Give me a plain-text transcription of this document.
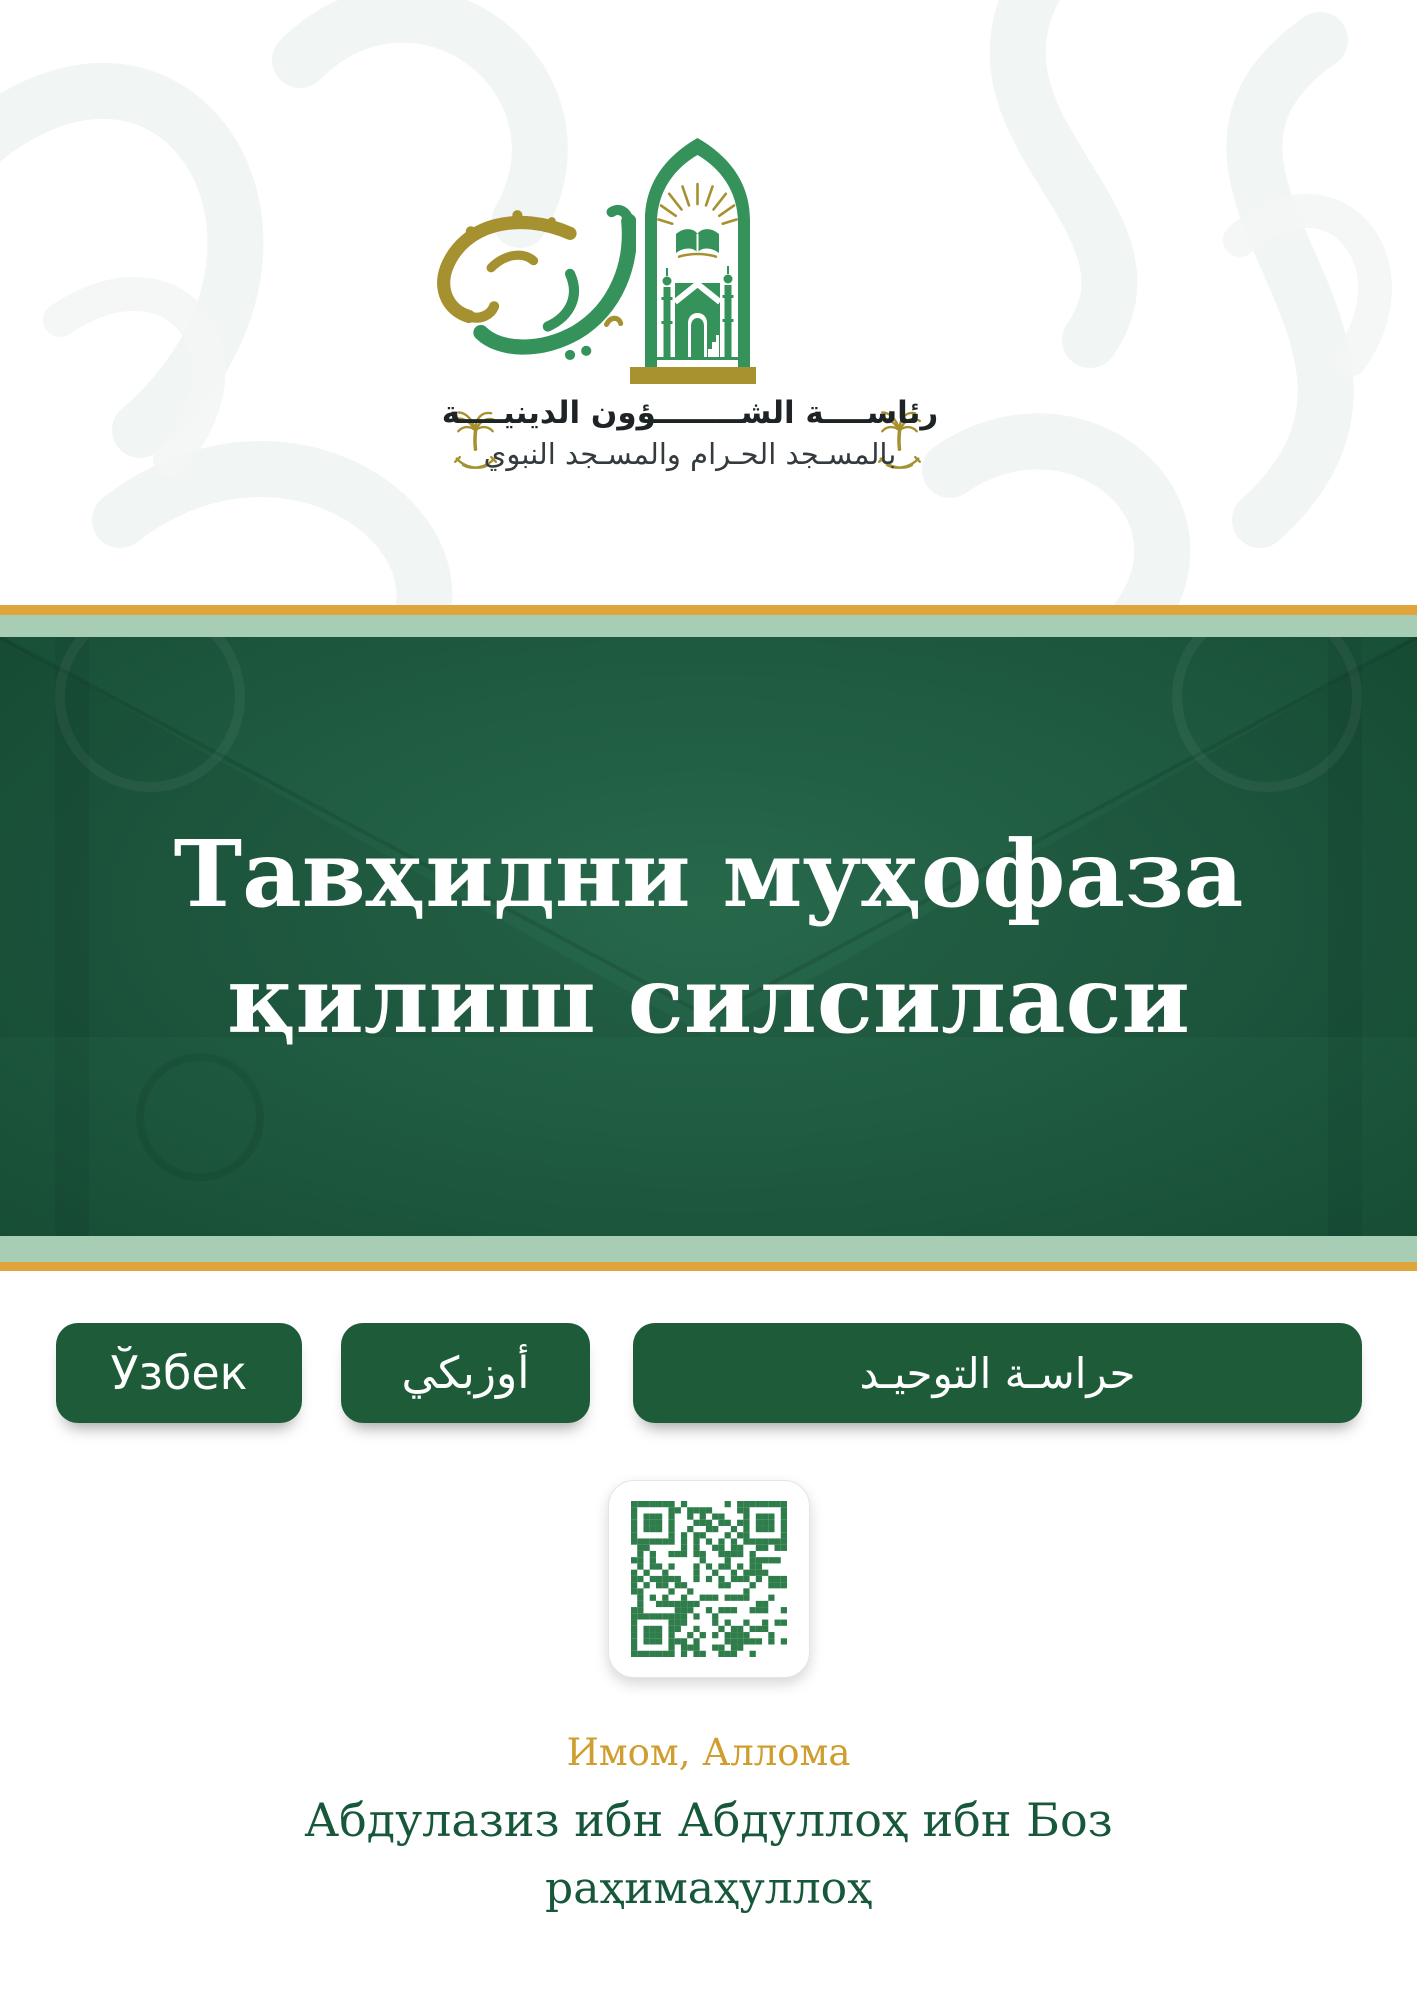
رئاســــة الشــــــــؤون الدينيــــة
بالمسـجد الحـرام والمسـجد النبوي
Тавҳидни муҳофаза
қилиш силсиласи
Ўзбек	أوزبكي	حراسـة التوحيـد
Имом, Аллома
Абдулазиз ибн Абдуллоҳ ибн Боз
раҳимаҳуллоҳ
